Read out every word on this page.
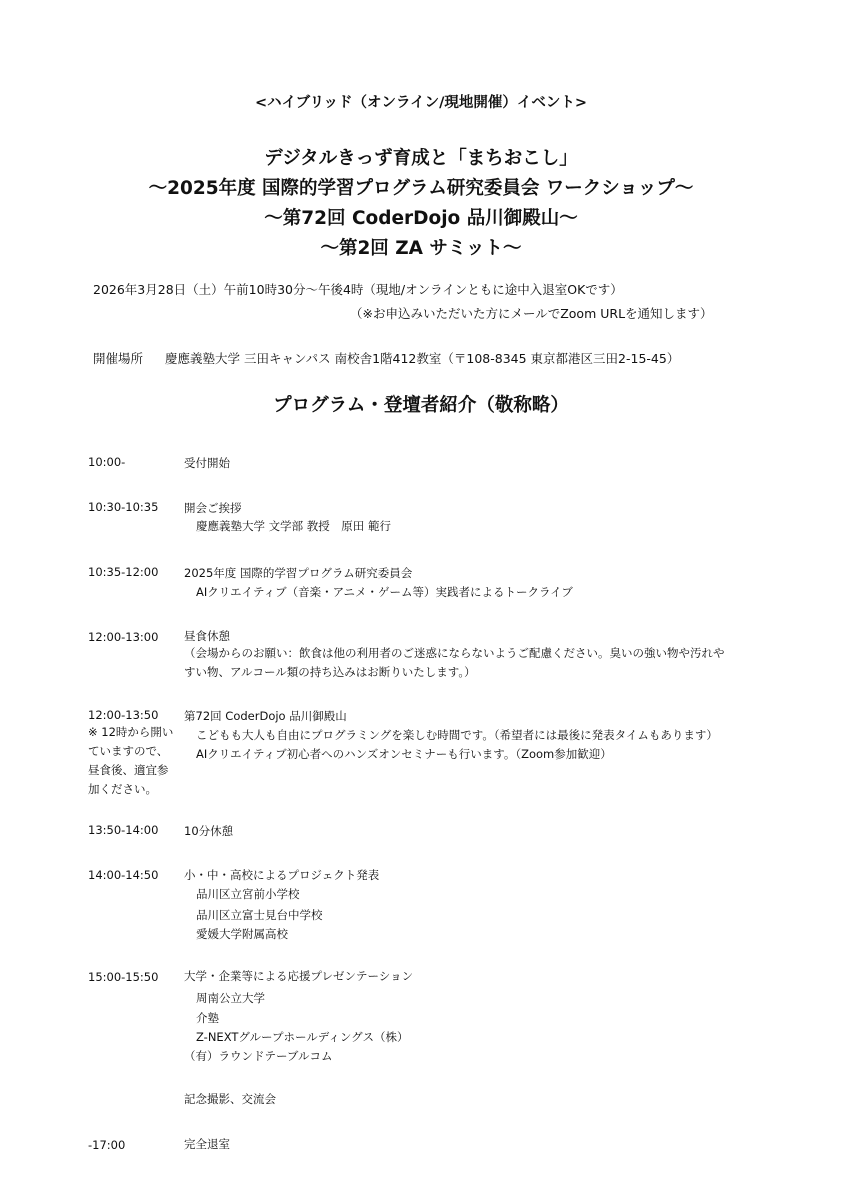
<ハイブリッド（オンライン/現地開催）イベント>
デジタルきっず育成と「まちおこし」
〜2025年度 国際的学習プログラム研究委員会 ワークショップ〜
〜第72回 CoderDojo 品川御殿山〜
〜第2回 ZA サミット〜
2026年3月28日（土）午前10時30分〜午後4時（現地/オンラインともに途中入退室OKです）
（※お申込みいただいた方にメールでZoom URLを通知します）
開催場所 慶應義塾大学 三田キャンパス 南校舎1階412教室（〒108-8345 東京都港区三田2-15-45）
プログラム・登壇者紹介（敬称略）
10:00-	受付開始
10:30-10:35 開会ご挨拶
慶應義塾大学 文学部 教授　原田 範行
10:35-12:00 2025年度 国際的学習プログラム研究委員会
AIクリエイティブ（音楽・アニメ・ゲーム等）実践者によるトークライブ
12:00-13:00 昼食休憩
（会場からのお願い：飲食は他の利用者のご迷惑にならないようご配慮ください。臭いの強い物や汚れや
すい物、アルコール類の持ち込みはお断りいたします。）
12:00-13:50 第72回 CoderDojo 品川御殿山
こどもも大人も自由にプログラミングを楽しむ時間です。（希望者には最後に発表タイムもあります）
AIクリエイティブ初心者へのハンズオンセミナーも行います。（Zoom参加歓迎）
※ 12時から開い
ていますので、
昼食後、適宜参
加ください。
13:50-14:00 10分休憩
14:00-14:50 小・中・高校によるプロジェクト発表
品川区立宮前小学校
品川区立富士見台中学校
愛媛大学附属高校
15:00-15:50 大学・企業等による応援プレゼンテーション
周南公立大学
介塾
Z-NEXTグループホールディングス（株）
（有）ラウンドテーブルコム
記念撮影、交流会
-17:00	完全退室
